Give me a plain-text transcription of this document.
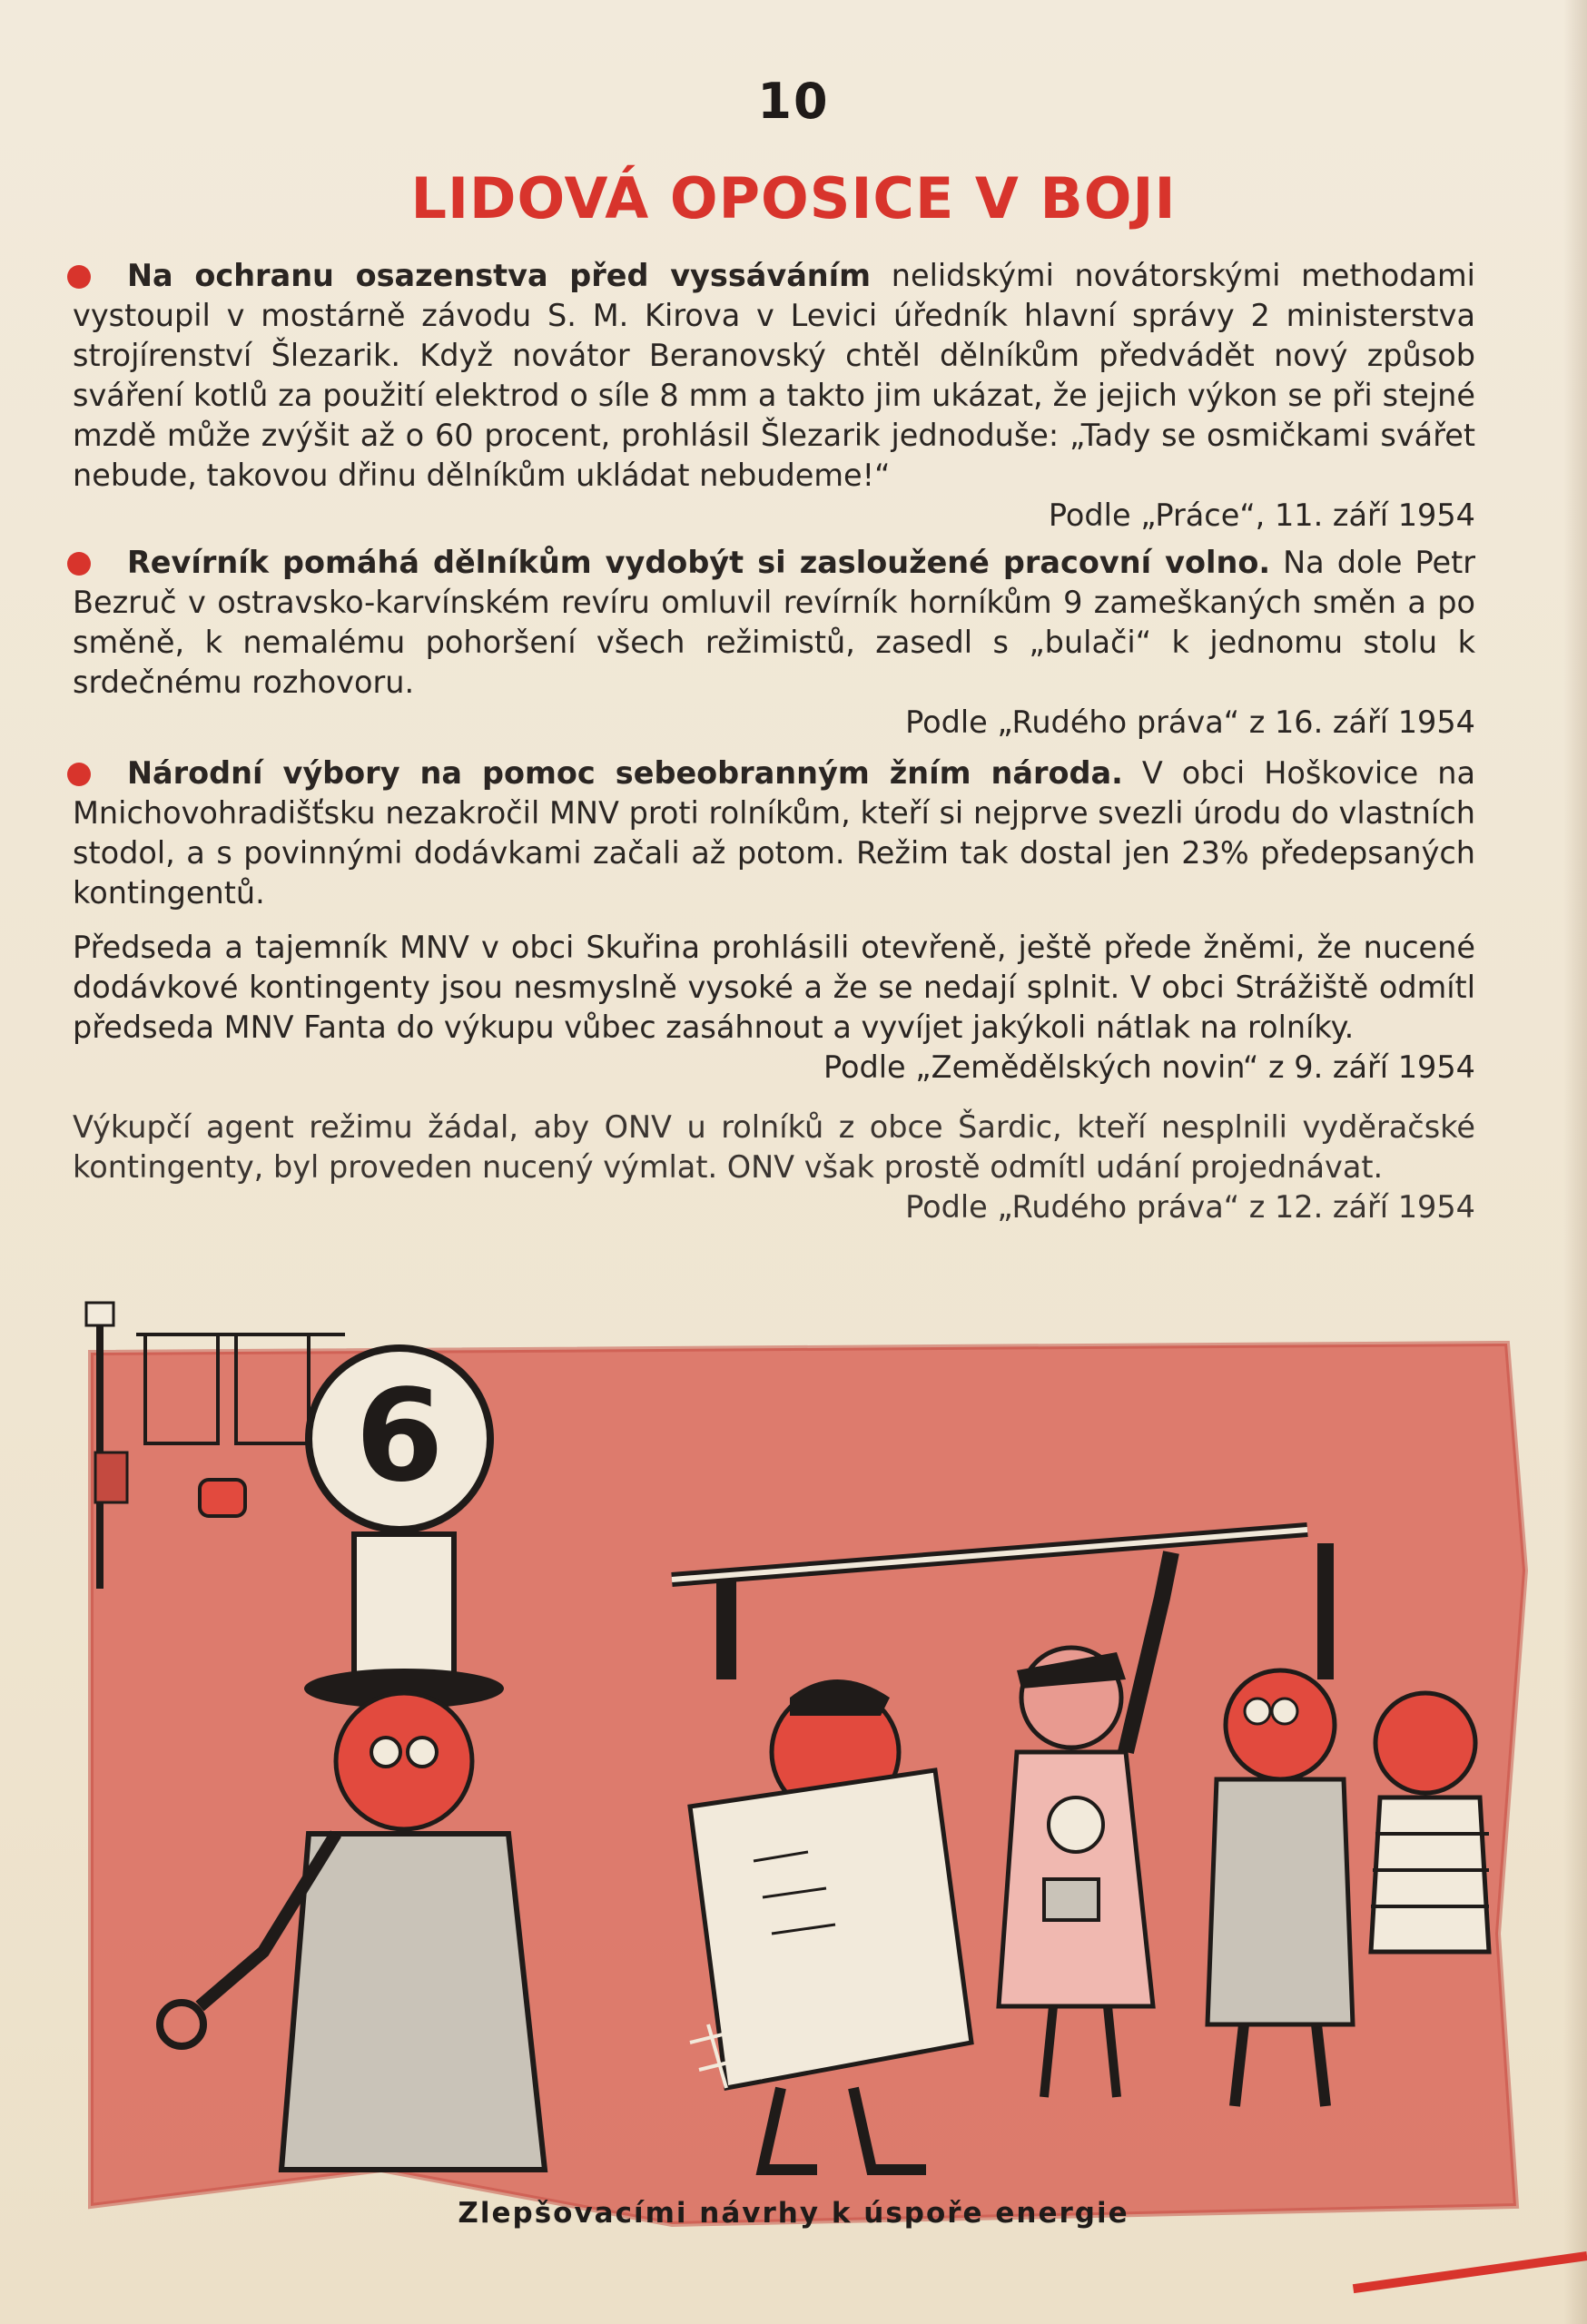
10
LIDOVÁ OPOSICE V BOJI

Na ochranu osazenstva před vyssáváním nelidskými novátorskými methodami vystoupil v mostárně závodu S. M. Kirova v Levici úředník hlavní správy 2 ministerstva strojírenství Šlezarik. Když novátor Beranovský chtěl dělníkům předvádět nový způsob sváření kotlů za použití elektrod o síle 8 mm a takto jim ukázat, že jejich výkon se při stejné mzdě může zvýšit až o 60 procent, prohlásil Šlezarik jednoduše: „Tady se osmičkami svářet nebude, takovou dřinu dělníkům ukládat nebudeme!“

Podle „Práce“, 11. září 1954

Revírník pomáhá dělníkům vydobýt si zasloužené pracovní volno. Na dole Petr Bezruč v ostravsko-karvínském revíru omluvil revírník horníkům 9 zameškaných směn a po směně, k nemalému pohoršení všech režimistů, zasedl s „bulači“ k jednomu stolu k srdečnému rozhovoru.

Podle „Rudého práva“ z 16. září 1954

Národní výbory na pomoc sebeobranným žním národa. V obci Hoškovice na Mnichovohradišťsku nezakročil MNV proti rolníkům, kteří si nejprve svezli úrodu do vlastních stodol, a s povinnými dodávkami začali až potom. Režim tak dostal jen 23% předepsaných kontingentů.

Předseda a tajemník MNV v obci Skuřina prohlásili otevřeně, ještě přede žněmi, že nucené dodávkové kontingenty jsou nesmyslně vysoké a že se nedají splnit. V obci Strážiště odmítl předseda MNV Fanta do výkupu vůbec zasáhnout a vyvíjet jakýkoli nátlak na rolníky.

Podle „Zemědělských novin“ z 9. září 1954

Výkupčí agent režimu žádal, aby ONV u rolníků z obce Šardic, kteří nesplnili vyděračské kontingenty, byl proveden nucený výmlat. ONV však prostě odmítl udání projednávat.

Podle „Rudého práva“ z 12. září 1954

6
Zlepšovacími návrhy k úspoře energie
